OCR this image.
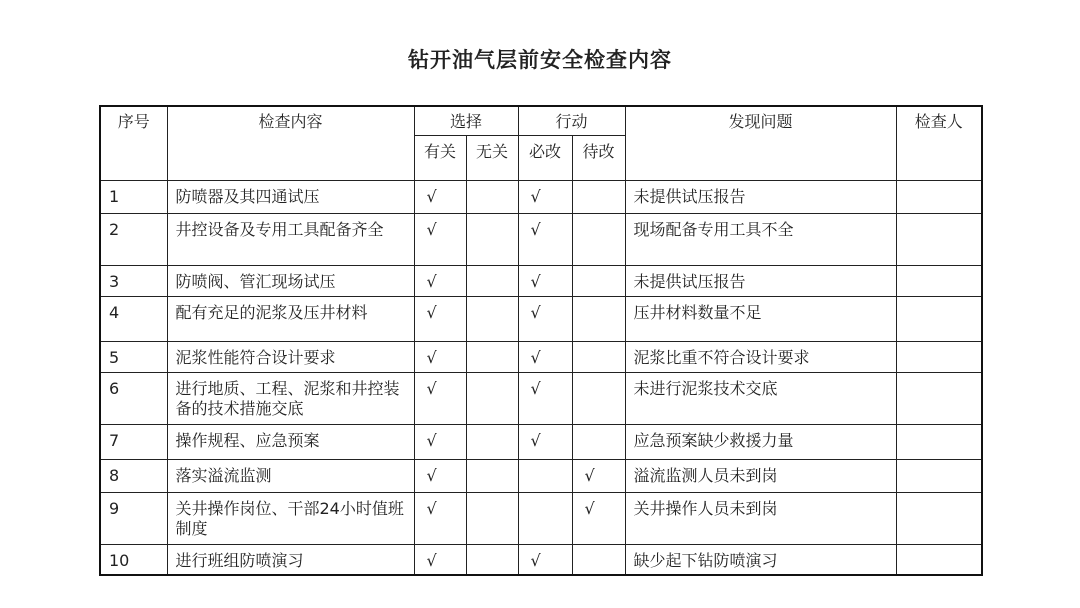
钻开油气层前安全检查内容
序号	检查内容	选择		行动		发现问题	检查人
		有关	无关	必改	待改		
1	防喷器及其四通试压	√		√		未提供试压报告	
2	井控设备及专用工具配备齐全	√		√		现场配备专用工具不全	
3	防喷阀、管汇现场试压	√		√		未提供试压报告	
4	配有充足的泥浆及压井材料	√		√		压井材料数量不足	
5	泥浆性能符合设计要求	√		√		泥浆比重不符合设计要求	
6	进行地质、工程、泥浆和井控装备的技术措施交底	√		√		未进行泥浆技术交底	
7	操作规程、应急预案	√		√		应急预案缺少救援力量	
8	落实溢流监测	√			√	溢流监测人员未到岗	
9	关井操作岗位、干部24小时值班制度	√			√	关井操作人员未到岗	
10	进行班组防喷演习	√		√		缺少起下钻防喷演习	
